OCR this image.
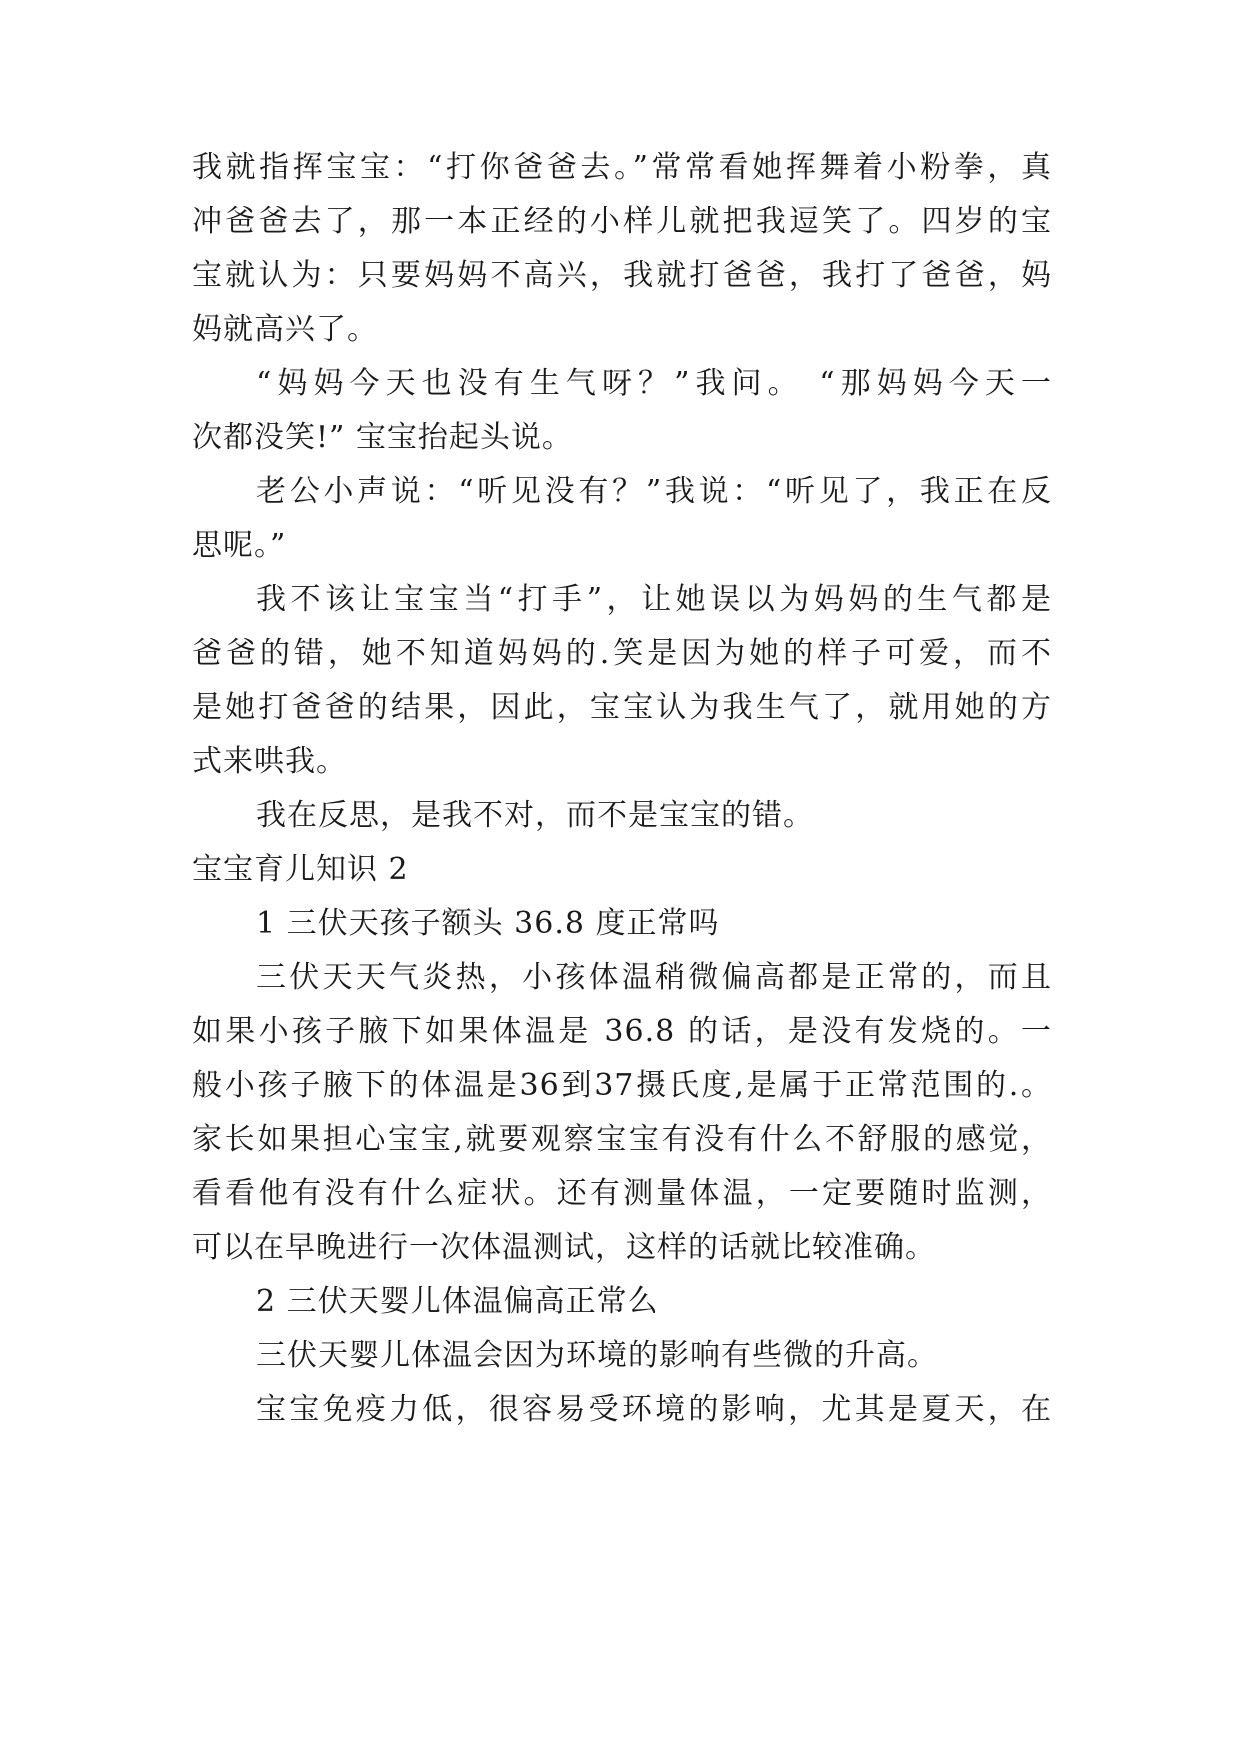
我就指挥宝宝：“打你爸爸去。”常常看她挥舞着小粉拳，真
冲爸爸去了，那一本正经的小样儿就把我逗笑了。四岁的宝
宝就认为：只要妈妈不高兴，我就打爸爸，我打了爸爸，妈
妈就高兴了。
“妈妈今天也没有生气呀？”我问。 “那妈妈今天一
次都没笑!” 宝宝抬起头说。
老公小声说：“听见没有？”我说：“听见了，我正在反
思呢。”
我不该让宝宝当“打手”，让她误以为妈妈的生气都是
爸爸的错，她不知道妈妈的.笑是因为她的样子可爱，而不
是她打爸爸的结果，因此，宝宝认为我生气了，就用她的方
式来哄我。
我在反思，是我不对，而不是宝宝的错。
宝宝育儿知识 2
1 三伏天孩子额头 36.8 度正常吗
三伏天天气炎热，小孩体温稍微偏高都是正常的，而且
如果小孩子腋下如果体温是 36.8 的话，是没有发烧的。一
般小孩子腋下的体温是36到37摄氏度,是属于正常范围的.。
家长如果担心宝宝,就要观察宝宝有没有什么不舒服的感觉，
看看他有没有什么症状。还有测量体温，一定要随时监测，
可以在早晚进行一次体温测试，这样的话就比较准确。
2 三伏天婴儿体温偏高正常么
三伏天婴儿体温会因为环境的影响有些微的升高。
宝宝免疫力低，很容易受环境的影响，尤其是夏天，在
